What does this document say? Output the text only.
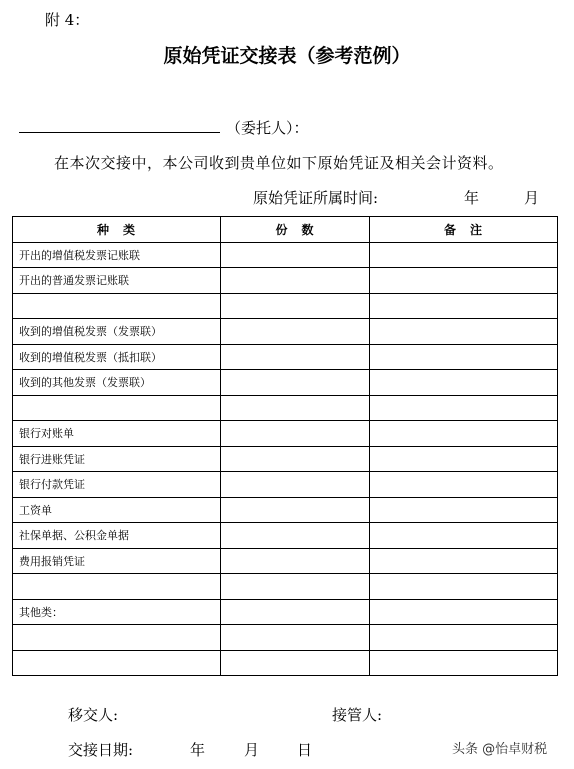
附 4：
原始凭证交接表（参考范例）
（委托人）：
在本次交接中，本公司收到贵单位如下原始凭证及相关会计资料。
原始凭证所属时间:	年	月
种　类	份　数	备　注
开出的增值税发票记账联		
开出的普通发票记账联		

收到的增值税发票（发票联）		
收到的增值税发票（抵扣联）		
收到的其他发票（发票联）		

银行对账单		
银行进账凭证		
银行付款凭证		
工资单		
社保单据、公积金单据		
费用报销凭证		

其他类：		

移交人:	接管人:
交接日期:	年	月	日	头条 @怡卓财税
